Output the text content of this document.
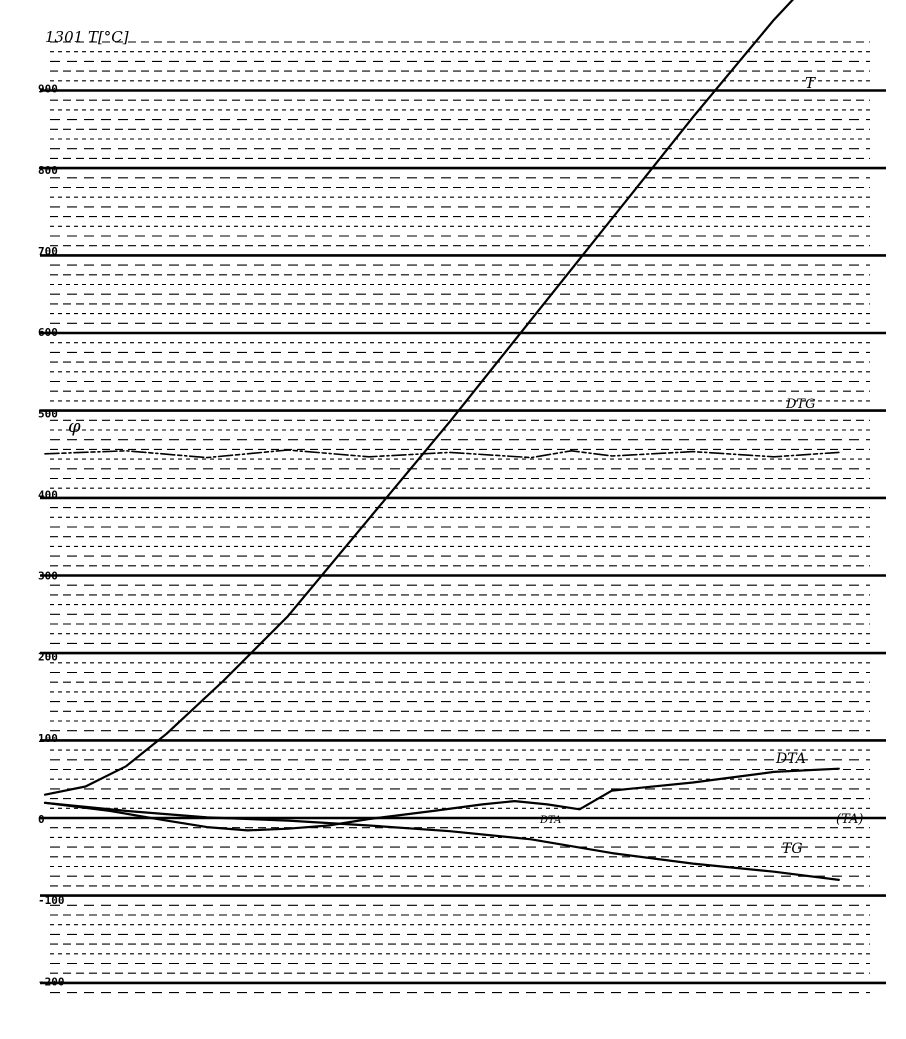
900
800
700
600
500
400
300
200
100
0
-100
-200
1301 T[°C]
φ
T
DTG
DTA
(TA)
TG
DTA
